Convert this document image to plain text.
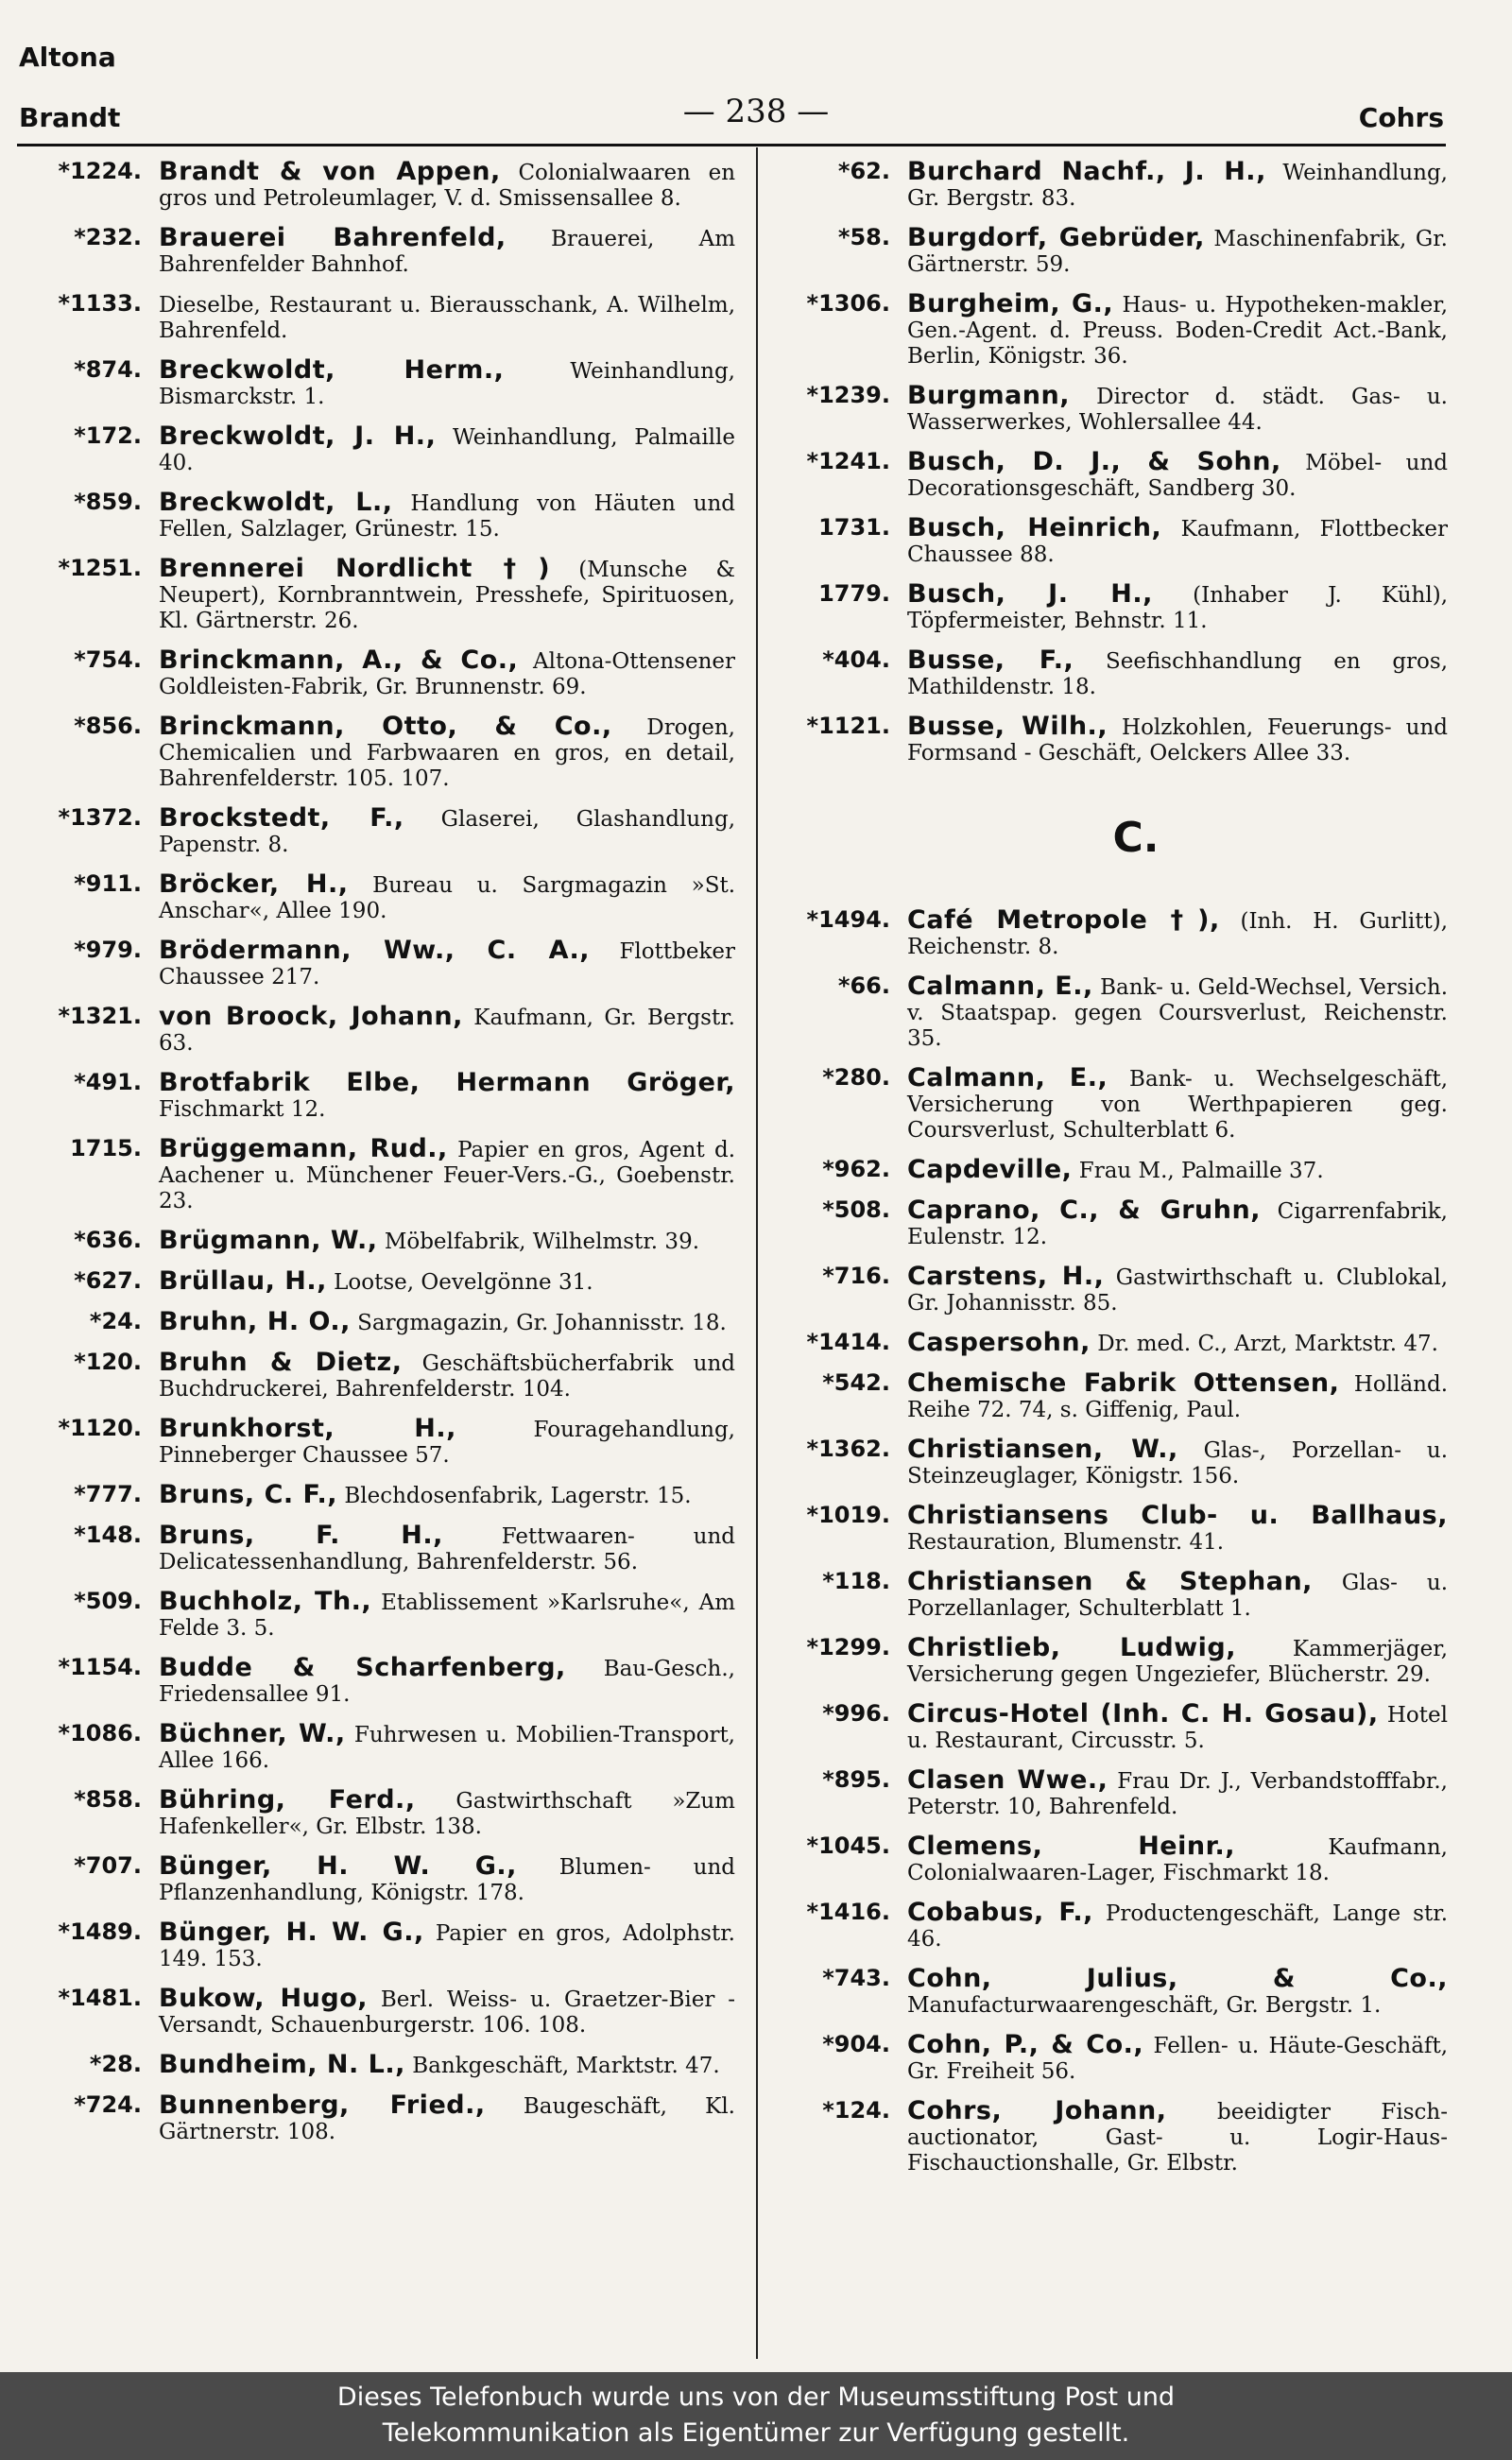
Altona
Brandt	— 238 —	Cohrs
*1224. Brandt & von Appen, Colonialwaaren en gros und Petroleumlager, V. d. Smissensallee 8.
*232. Brauerei Bahrenfeld, Brauerei, Am Bahrenfelder Bahnhof.
*1133. Dieselbe, Restaurant u. Bierausschank, A. Wilhelm, Bahrenfeld.
*874. Breckwoldt, Herm.,	Weinhandlung, Bismarckstr. 1.
*172. Breckwoldt, J. H., Weinhandlung, Palmaille 40.
*859. Breckwoldt, L., Handlung von Häuten und Fellen, Salzlager, Grünestr. 15.
*1251. Brennerei Nordlicht †) (Munsche & Neupert), Kornbranntwein, Presshefe, Spirituosen, Kl. Gärtnerstr. 26.
*754. Brinckmann, A., & Co., Altona-Ottensener Goldleisten-Fabrik, Gr. Brunnenstr. 69.
*856. Brinckmann, Otto, & Co., Drogen, Chemicalien und Farbwaaren en gros, en detail, Bahrenfelderstr. 105. 107.
*1372. Brockstedt, F., Glaserei, Glashandlung, Papenstr. 8.
*911. Bröcker, H., Bureau u. Sargmagazin »St. Anschar«, Allee 190.
*979. Brödermann, Ww., C. A., Flottbeker Chaussee 217.
*1321. von Broock, Johann, Kaufmann, Gr. Bergstr. 63.
*491. Brotfabrik Elbe, Hermann Gröger, Fischmarkt 12.
1715. Brüggemann, Rud., Papier en gros, Agent d. Aachener u. Münchener Feuer-Vers.-G., Goebenstr. 23.
*636. Brügmann, W., Möbelfabrik, Wilhelmstr. 39.
*627. Brüllau, H., Lootse, Oevelgönne 31.
*24. Bruhn, H. O., Sargmagazin, Gr. Johannisstr. 18.
*120. Bruhn & Dietz, Geschäftsbücherfabrik und Buchdruckerei, Bahrenfelderstr. 104.
*1120. Brunkhorst, H.,	Fouragehandlung, Pinneberger Chaussee 57.
*777. Bruns, C. F., Blechdosenfabrik, Lagerstr. 15.
*148. Bruns, F. H.,	Fettwaaren- und Delicatessenhandlung, Bahrenfelderstr. 56.
*509. Buchholz, Th., Etablissement »Karlsruhe«, Am Felde 3. 5.
*1154. Budde & Scharfenberg, Bau-Gesch., Friedensallee 91.
*1086. Büchner, W., Fuhrwesen u. Mobilien-Transport, Allee 166.
*858. Bühring, Ferd., Gastwirthschaft »Zum Hafenkeller«, Gr. Elbstr. 138.
*707. Bünger, H. W. G., Blumen- und Pflanzenhandlung, Königstr. 178.
*1489. Bünger, H. W. G., Papier en gros, Adolphstr. 149. 153.
*1481. Bukow, Hugo, Berl. Weiss- u. Graetzer-Bier - Versandt, Schauenburgerstr. 106. 108.
*28. Bundheim, N. L., Bankgeschäft, Marktstr. 47.
*724. Bunnenberg, Fried., Baugeschäft, Kl. Gärtnerstr. 108.
*62. Burchard Nachf., J. H., Weinhandlung, Gr. Bergstr. 83.
*58. Burgdorf, Gebrüder, Maschinenfabrik, Gr. Gärtnerstr. 59.
*1306. Burgheim, G., Haus- u. Hypotheken-makler, Gen.-Agent. d. Preuss. Boden-Credit Act.-Bank, Berlin, Königstr. 36.
*1239. Burgmann, Director d. städt. Gas- u. Wasserwerkes, Wohlersallee 44.
*1241. Busch, D. J., & Sohn, Möbel- und Decorationsgeschäft, Sandberg 30.
1731. Busch, Heinrich, Kaufmann, Flottbecker Chaussee 88.
1779. Busch, J. H., (Inhaber J. Kühl), Töpfermeister, Behnstr. 11.
*404. Busse, F., Seefischhandlung en gros, Mathildenstr. 18.
*1121. Busse, Wilh., Holzkohlen, Feuerungs- und Formsand - Geschäft, Oelckers Allee 33.
C.
*1494. Café Metropole †), (Inh. H. Gurlitt), Reichenstr. 8.
*66. Calmann, E., Bank- u. Geld-Wechsel, Versich. v. Staatspap. gegen Coursverlust, Reichenstr. 35.
*280. Calmann, E., Bank- u. Wechselgeschäft, Versicherung von Werthpapieren geg. Coursverlust, Schulterblatt 6.
*962. Capdeville, Frau M., Palmaille 37.
*508. Caprano, C., & Gruhn, Cigarrenfabrik, Eulenstr. 12.
*716. Carstens, H., Gastwirthschaft u. Clublokal, Gr. Johannisstr. 85.
*1414. Caspersohn, Dr. med. C., Arzt, Marktstr. 47.
*542. Chemische Fabrik Ottensen, Holländ. Reihe 72. 74, s. Giffenig, Paul.
*1362. Christiansen, W., Glas-, Porzellan- u. Steinzeuglager, Königstr. 156.
*1019. Christiansens Club- u. Ballhaus, Restauration, Blumenstr. 41.
*118. Christiansen & Stephan, Glas- u. Porzellanlager, Schulterblatt 1.
*1299. Christlieb, Ludwig,	Kammerjäger, Versicherung gegen Ungeziefer, Blücherstr. 29.
*996. Circus-Hotel (Inh. C. H. Gosau), Hotel u. Restaurant, Circusstr. 5.
*895. Clasen Wwe., Frau Dr. J., Verbandstofffabr., Peterstr. 10, Bahrenfeld.
*1045. Clemens, Heinr.,	Kaufmann, Colonialwaaren-Lager, Fischmarkt 18.
*1416. Cobabus, F., Productengeschäft, Lange str. 46.
*743. Cohn, Julius, & Co., Manufacturwaarengeschäft, Gr. Bergstr. 1.
*904. Cohn, P., & Co., Fellen- u. Häute-Geschäft, Gr. Freiheit 56.
*124. Cohrs, Johann, beeidigter Fisch-auctionator, Gast- u. Logir-Haus-Fischauctionshalle, Gr. Elbstr.
Dieses Telefonbuch wurde uns von der Museumsstiftung Post und
Telekommunikation als Eigentümer zur Verfügung gestellt.
